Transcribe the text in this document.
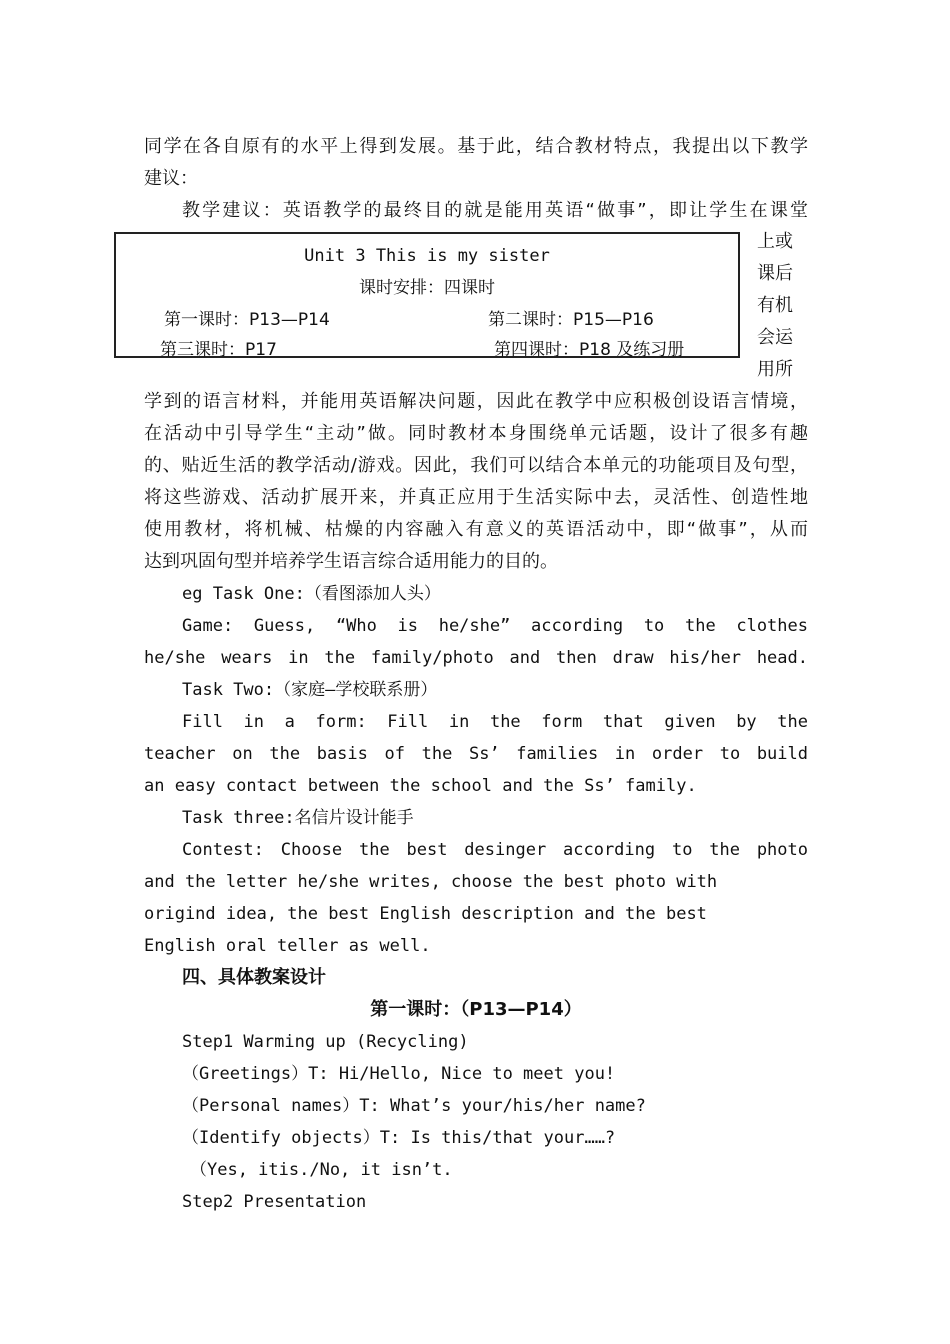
同学在各自原有的水平上得到发展。基于此，结合教材特点，我提出以下教学
建议：
教学建议：英语教学的最终目的就是能用英语“做事”，即让学生在课堂
Unit 3 This is my sister
课时安排：四课时
第一课时：P13—P14	第二课时：P15—P16
第三课时：P17	第四课时：P18 及练习册
上或
课后
有机
会运
用所
学到的语言材料，并能用英语解决问题，因此在教学中应积极创设语言情境，
在活动中引导学生“主动”做。同时教材本身围绕单元话题，设计了很多有趣
的、贴近生活的教学活动/游戏。因此，我们可以结合本单元的功能项目及句型，
将这些游戏、活动扩展开来，并真正应用于生活实际中去，灵活性、创造性地
使用教材，将机械、枯燥的内容融入有意义的英语活动中，即“做事”，从而
达到巩固句型并培养学生语言综合适用能力的目的。
eg Task One:（看图添加人头）
Game: Guess, “Who is he/she” according to the clothes
he/she wears in the family/photo and then draw his/her head.
Task Two:（家庭—学校联系册）
Fill in a form: Fill in the form that given by the
teacher on the basis of the Ss’ families in order to build
an easy contact between the school and the Ss’ family.
Task three:名信片设计能手
Contest: Choose the best desinger according to the photo
and the letter he/she writes, choose the best photo with
origind idea, the best English description and the best
English oral teller as well.
四、具体教案设计
第一课时：（P13—P14）
Step1 Warming up (Recycling)
（Greetings）T: Hi/Hello, Nice to meet you!
（Personal names）T: What’s your/his/her name?
（Identify objects）T: Is this/that your……?
（Yes, itis./No, it isn’t.
Step2 Presentation
